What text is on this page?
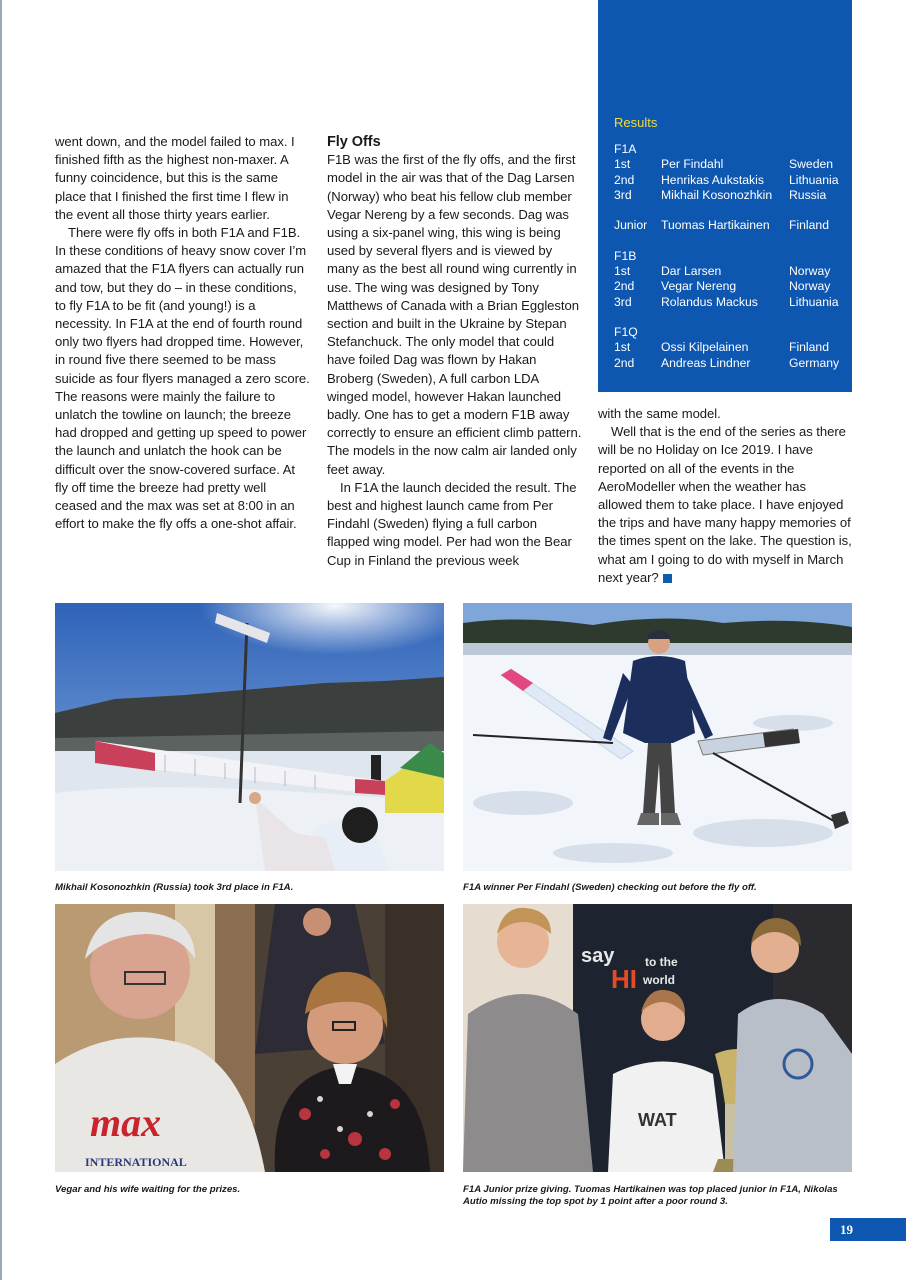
went down, and the model failed to max. I finished fifth as the highest non-maxer. A funny coincidence, but this is the same place that I finished the first time I flew in the event all those thirty years earlier.

There were fly offs in both F1A and F1B. In these conditions of heavy snow cover I’m amazed that the F1A flyers can actually run and tow, but they do – in these conditions, to fly F1A to be fit (and young!) is a necessity. In F1A at the end of fourth round only two flyers had dropped time. However, in round five there seemed to be mass suicide as four flyers managed a zero score. The reasons were mainly the failure to unlatch the towline on launch; the breeze had dropped and getting up speed to power the launch and unlatch the hook can be difficult over the snow-covered surface. At fly off time the breeze had pretty well ceased and the max was set at 8:00 in an effort to make the fly offs a one-shot affair.

Fly Offs

F1B was the first of the fly offs, and the first model in the air was that of the Dag Larsen (Norway) who beat his fellow club member Vegar Nereng by a few seconds. Dag was using a six-panel wing, this wing is being used by several flyers and is viewed by many as the best all round wing currently in use. The wing was designed by Tony Matthews of Canada with a Brian Eggleston section and built in the Ukraine by Stepan Stefanchuck. The only model that could have foiled Dag was flown by Hakan Broberg (Sweden), A full carbon LDA winged model, however Hakan launched badly. One has to get a modern F1B away correctly to ensure an efficient climb pattern. The models in the now calm air landed only feet away.

In F1A the launch decided the result. The best and highest launch came from Per Findahl (Sweden) flying a full carbon flapped wing model. Per had won the Bear Cup in Finland the previous week

with the same model.

Well that is the end of the series as there will be no Holiday on Ice 2019. I have reported on all of the events in the AeroModeller when the weather has allowed them to take place. I have enjoyed the trips and have many happy memories of the times spent on the lake. The question is, what am I going to do with myself in March next year?

Results
F1A
1st	Per Findahl	Sweden
2nd	Henrikas Aukstakis	Lithuania
3rd	Mikhail Kosonozhkin	Russia
Junior	Tuomas Hartikainen	Finland
F1B
1st	Dar Larsen	Norway
2nd	Vegar Nereng	Norway
3rd	Rolandus Mackus	Lithuania
F1Q
1st	Ossi Kilpelainen	Finland
2nd	Andreas Lindner	Germany
max
INTERNATIONAL
say
HI
to the
world
WAT
Mikhail Kosonozhkin (Russia) took 3rd place in F1A.	F1A winner Per Findahl (Sweden) checking out before the fly off.
Vegar and his wife waiting for the prizes.	F1A Junior prize giving. Tuomas Hartikainen was top placed junior in F1A, Nikolas Autio missing the top spot by 1 point after a poor round 3.
19
